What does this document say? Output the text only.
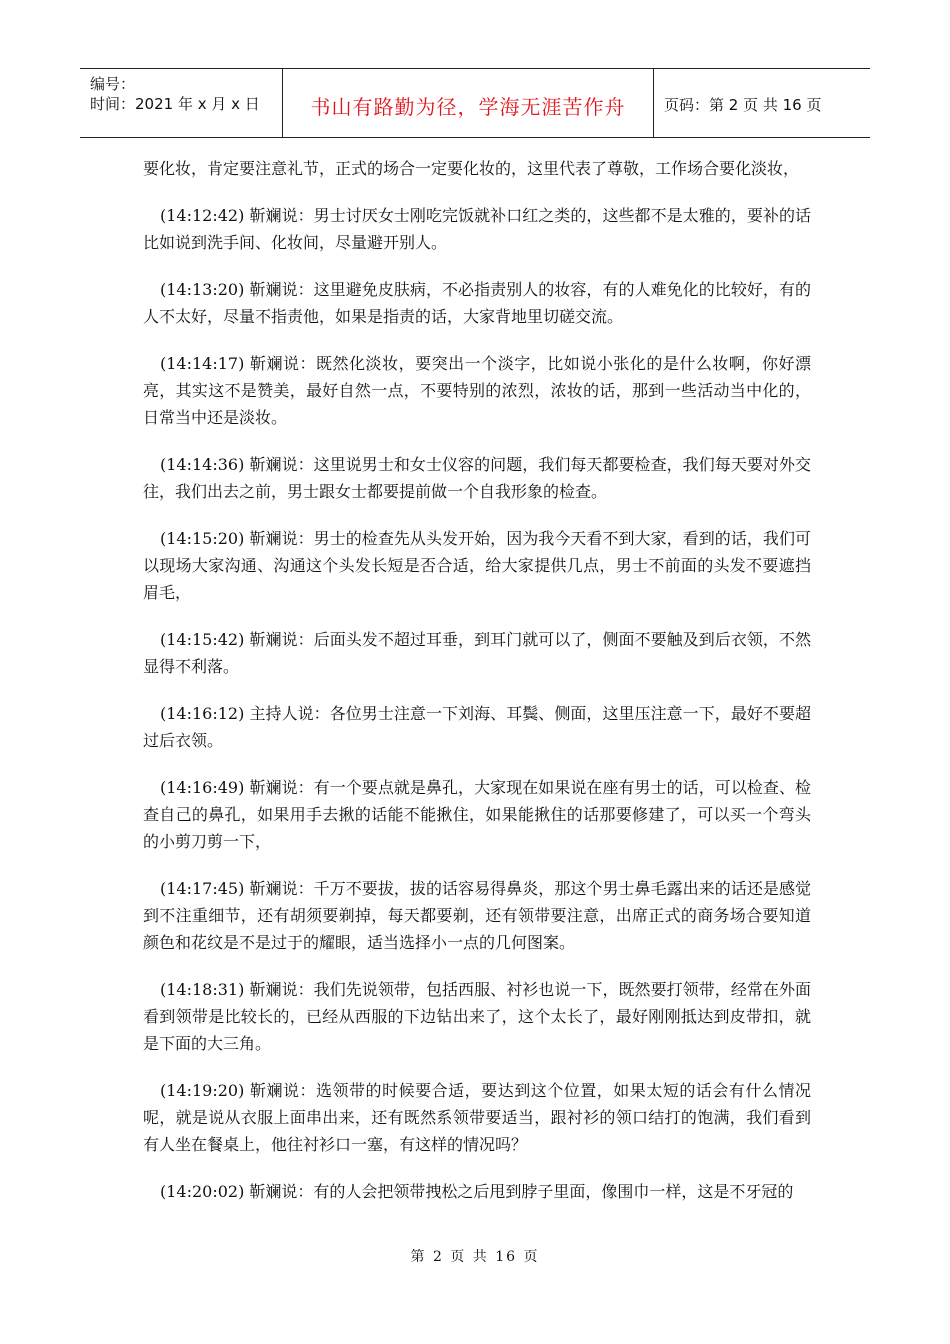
编号：
时间：2021 年 x 月 x 日	书山有路勤为径，学海无涯苦作舟	页码：第 2 页 共 16 页

要化妆，肯定要注意礼节，正式的场合一定要化妆的，这里代表了尊敬，工作场合要化淡妆，

(14:12:42) 靳斓说：男士讨厌女士刚吃完饭就补口红之类的，这些都不是太雅的，要补的话比如说到洗手间、化妆间，尽量避开别人。

(14:13:20) 靳斓说：这里避免皮肤病，不必指责别人的妆容，有的人难免化的比较好，有的人不太好，尽量不指责他，如果是指责的话，大家背地里切磋交流。

(14:14:17) 靳斓说：既然化淡妆，要突出一个淡字，比如说小张化的是什么妆啊，你好漂亮，其实这不是赞美，最好自然一点，不要特别的浓烈，浓妆的话，那到一些活动当中化的，日常当中还是淡妆。

(14:14:36) 靳斓说：这里说男士和女士仪容的问题，我们每天都要检查，我们每天要对外交往，我们出去之前，男士跟女士都要提前做一个自我形象的检查。

(14:15:20) 靳斓说：男士的检查先从头发开始，因为我今天看不到大家，看到的话，我们可以现场大家沟通、沟通这个头发长短是否合适，给大家提供几点，男士不前面的头发不要遮挡眉毛，

(14:15:42) 靳斓说：后面头发不超过耳垂，到耳门就可以了，侧面不要触及到后衣领，不然显得不利落。

(14:16:12) 主持人说：各位男士注意一下刘海、耳鬓、侧面，这里压注意一下，最好不要超过后衣领。

(14:16:49) 靳斓说：有一个要点就是鼻孔，大家现在如果说在座有男士的话，可以检查、检查自己的鼻孔，如果用手去揪的话能不能揪住，如果能揪住的话那要修建了，可以买一个弯头的小剪刀剪一下，

(14:17:45) 靳斓说：千万不要拔，拔的话容易得鼻炎，那这个男士鼻毛露出来的话还是感觉到不注重细节，还有胡须要剃掉，每天都要剃，还有领带要注意，出席正式的商务场合要知道颜色和花纹是不是过于的耀眼，适当选择小一点的几何图案。

(14:18:31) 靳斓说：我们先说领带，包括西服、衬衫也说一下，既然要打领带，经常在外面看到领带是比较长的，已经从西服的下边钻出来了，这个太长了，最好刚刚抵达到皮带扣，就是下面的大三角。

(14:19:20) 靳斓说：选领带的时候要合适，要达到这个位置，如果太短的话会有什么情况呢，就是说从衣服上面串出来，还有既然系领带要适当，跟衬衫的领口结打的饱满，我们看到有人坐在餐桌上，他往衬衫口一塞，有这样的情况吗？

(14:20:02) 靳斓说：有的人会把领带拽松之后甩到脖子里面，像围巾一样，这是不牙冠的

第 2 页 共 16 页
